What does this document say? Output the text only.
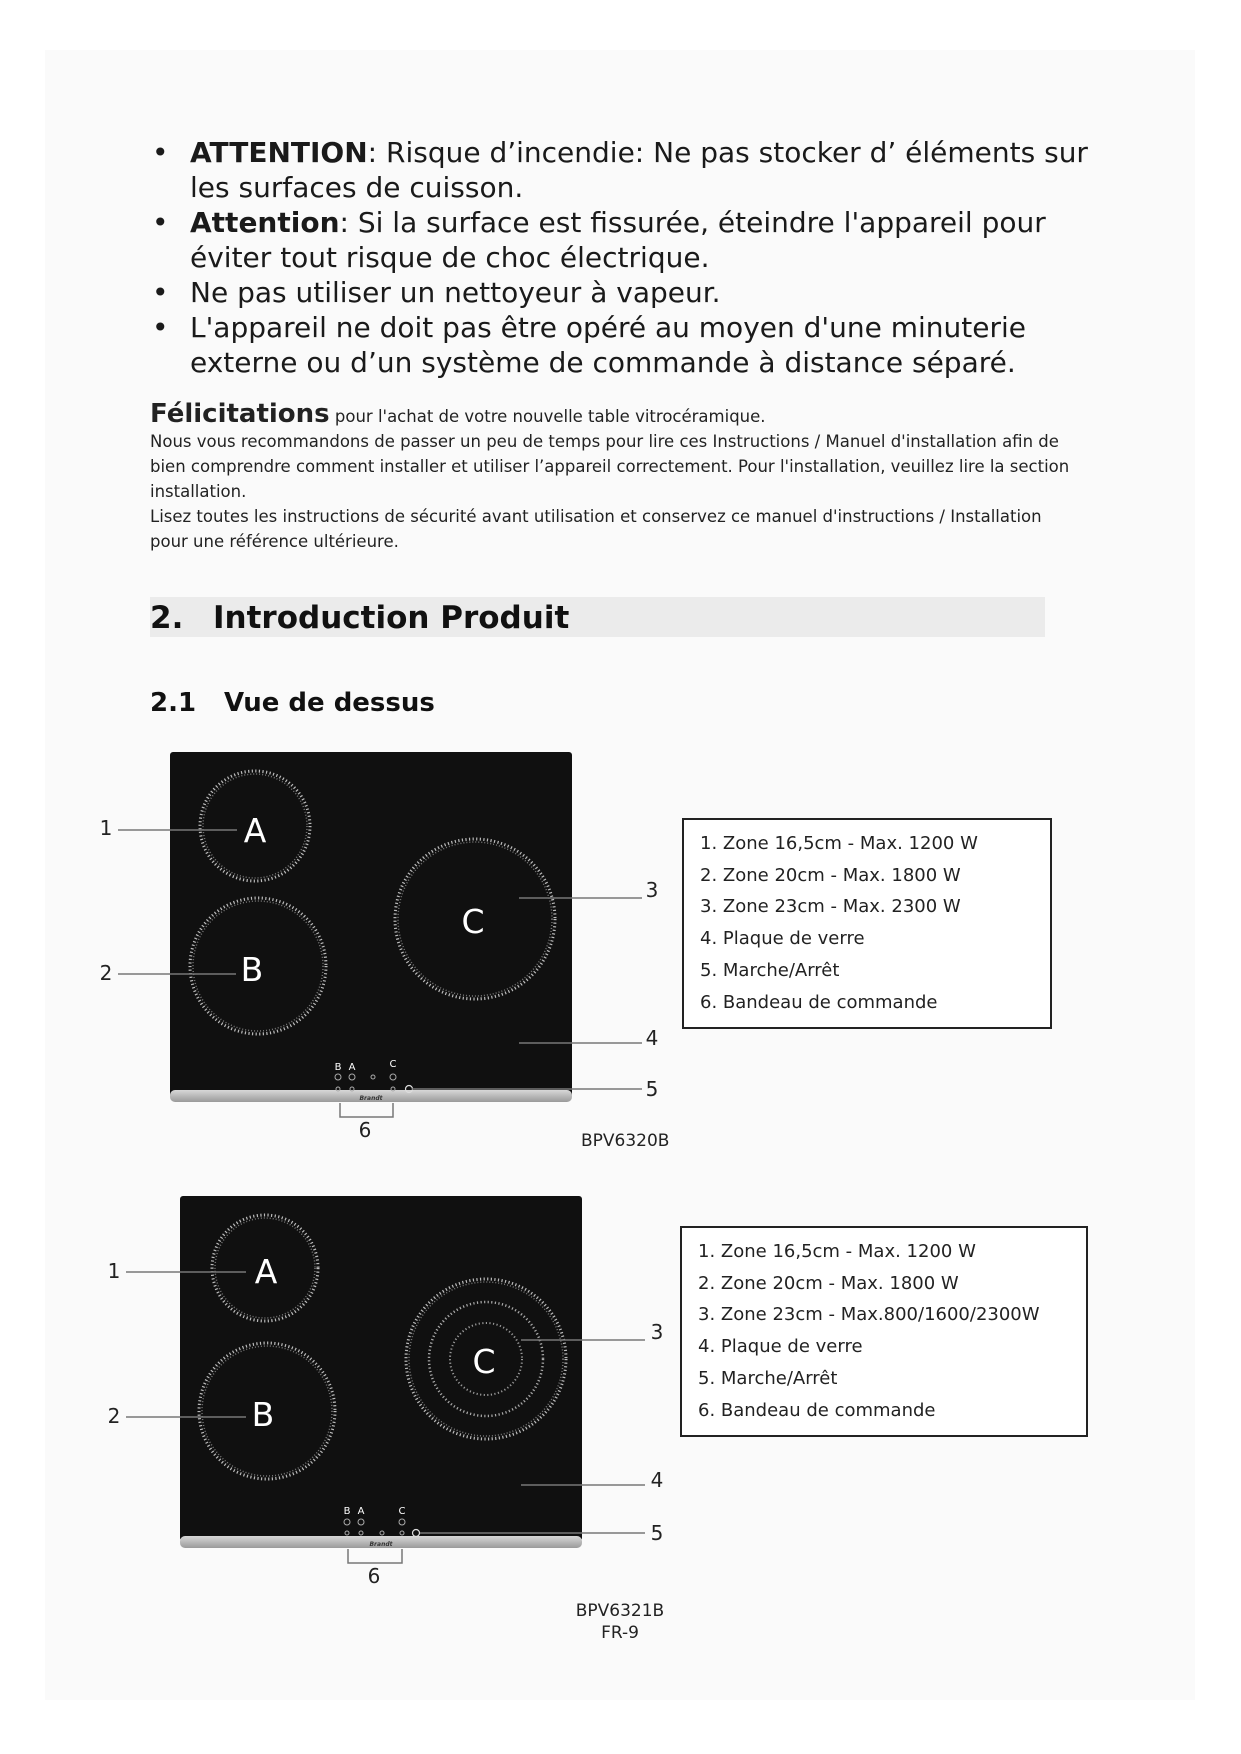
• ATTENTION: Risque d’incendie: Ne pas stocker d’ éléments sur les surfaces de cuisson.
• Attention: Si la surface est fissurée, éteindre l'appareil pour éviter tout risque de choc électrique.
• Ne pas utiliser un nettoyeur à vapeur.
• L'appareil ne doit pas être opéré au moyen d'une minuterie externe ou d’un système de commande à distance séparé.

Félicitations pour l'achat de votre nouvelle table vitrocéramique.

Nous vous recommandons de passer un peu de temps pour lire ces Instructions / Manuel d'installation afin de bien comprendre comment installer et utiliser l’appareil correctement. Pour l'installation, veuillez lire la section installation.

Lisez toutes les instructions de sécurité avant utilisation et conservez ce manuel d'instructions / Installation pour une référence ultérieure.

2. Introduction Produit
2.1 Vue de dessus
Brandt
A
B
C
B A	C
1
2
3
4
5
6
1. Zone 16,5cm - Max. 1200 W
2. Zone 20cm - Max. 1800 W
3. Zone 23cm - Max. 2300 W
4. Plaque de verre
5. Marche/Arrêt
6. Bandeau de commande
BPV6320B
Brandt
A
B
C
B A	C
1
2
3
4
5
6
1. Zone 16,5cm - Max. 1200 W
2. Zone 20cm - Max. 1800 W
3. Zone 23cm - Max.800/1600/2300W
4. Plaque de verre
5. Marche/Arrêt
6. Bandeau de commande
BPV6321B
FR-9
